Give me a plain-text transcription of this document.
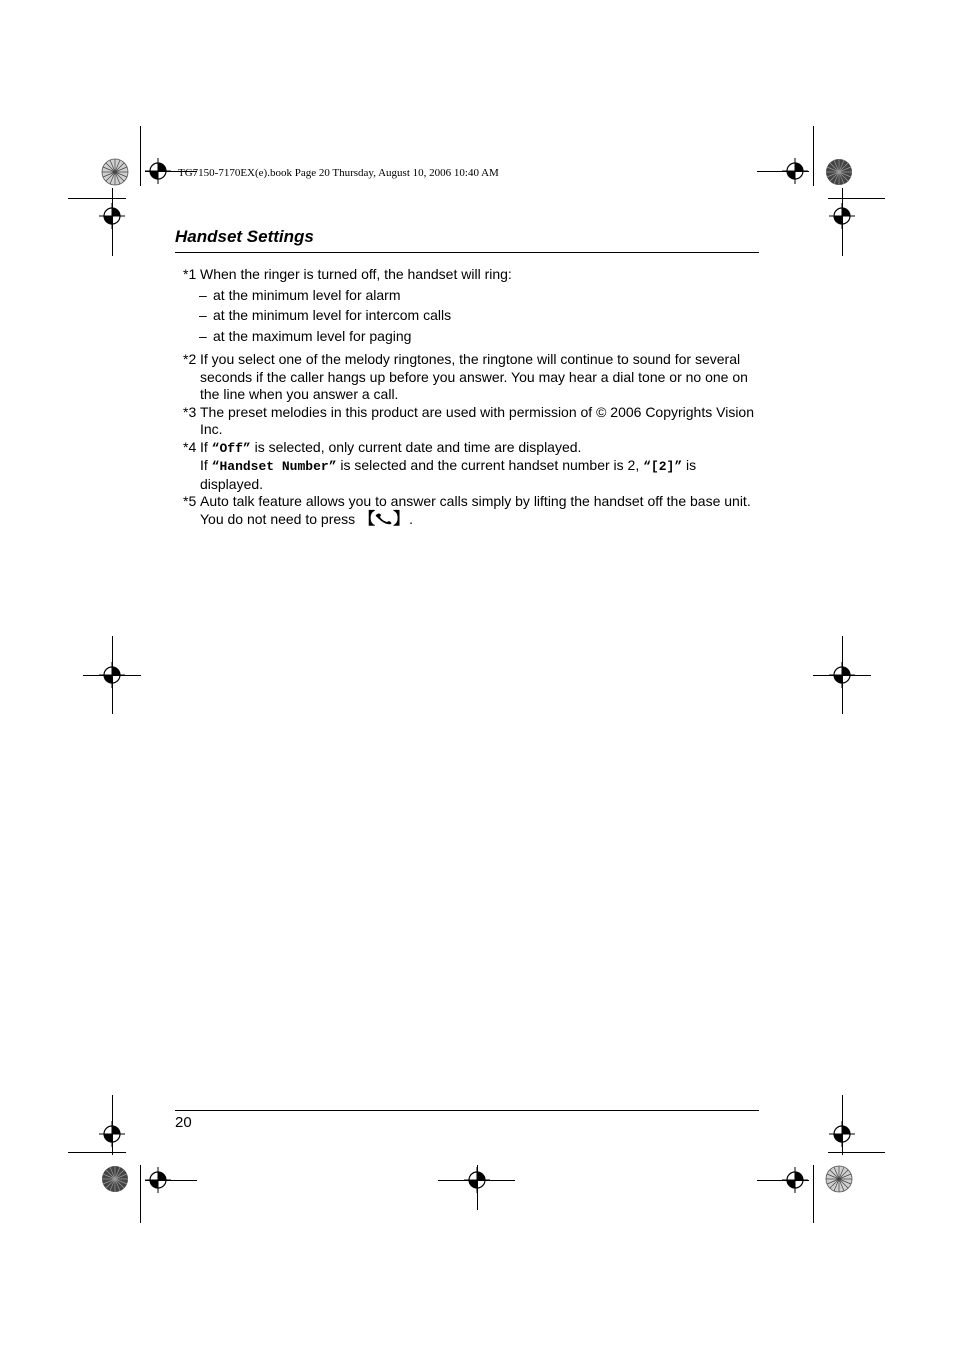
TG7150-7170EX(e).book Page 20 Thursday, August 10, 2006 10:40 AM
Handset Settings
*1 When the ringer is turned off, the handset will ring:
– at the minimum level for alarm
– at the minimum level for intercom calls
– at the maximum level for paging
*2 If you select one of the melody ringtones, the ringtone will continue to sound for several seconds if the caller hangs up before you answer. You may hear a dial tone or no one on the line when you answer a call.
*3 The preset melodies in this product are used with permission of © 2006 Copyrights Vision Inc.
*4 If “Off” is selected, only current date and time are displayed.
If “Handset Number” is selected and the current handset number is 2, “[2]” is displayed.
*5 Auto talk feature allows you to answer calls simply by lifting the handset off the base unit. You do not need to press 【 】.
20
